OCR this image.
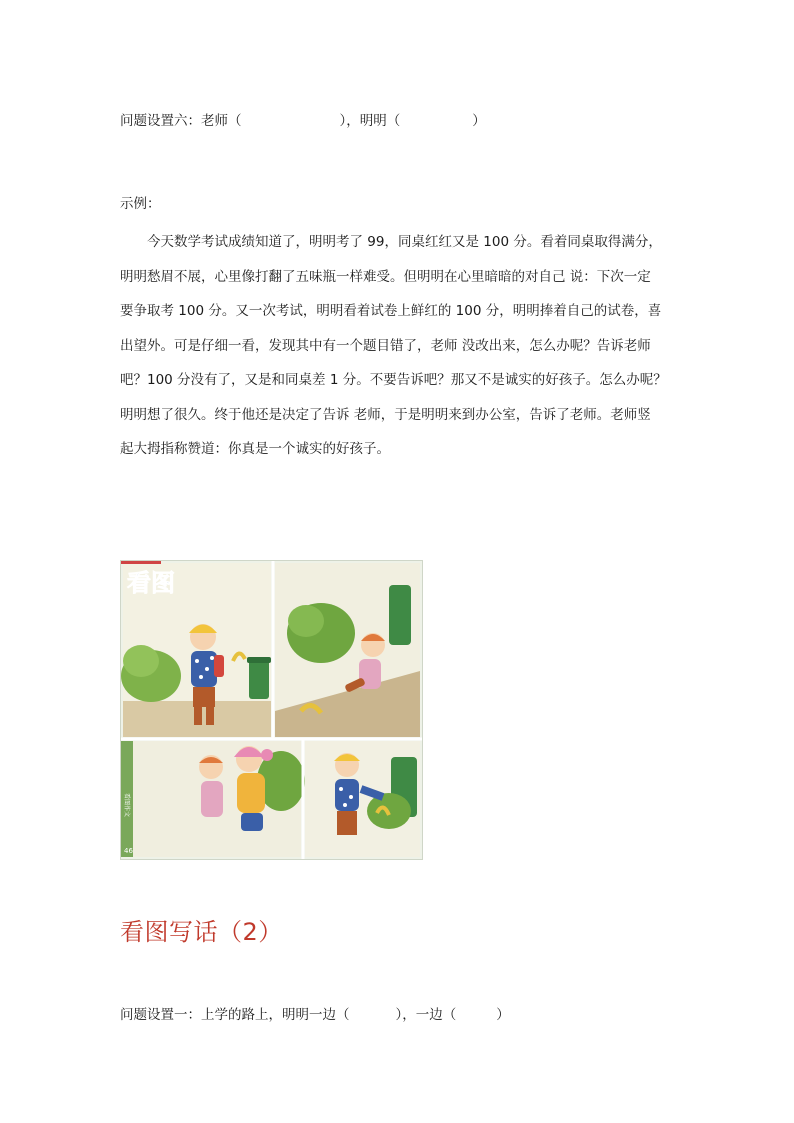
问题设置六：老师（	），明明（	）
示例：
今天数学考试成绩知道了，明明考了 99，同桌红红又是 100 分。看着同桌取得满分，
明明愁眉不展，心里像打翻了五味瓶一样难受。但明明在心里暗暗的对自己 说：下次一定
要争取考 100 分。又一次考试，明明看着试卷上鲜红的 100 分，明明捧着自己的试卷，喜
出望外。可是仔细一看，发现其中有一个题目错了，老师 没改出来，怎么办呢？告诉老师
吧？100 分没有了，又是和同桌差 1 分。不要告诉吧？那又不是诚实的好孩子。怎么办呢？
明明想了很久。终于他还是决定了告诉 老师，于是明明来到办公室，告诉了老师。老师竖
起大拇指称赞道：你真是一个诚实的好孩子。
看图
看图作文
46
看图写话（2）
问题设置一：上学的路上，明明一边（	），一边（	）
